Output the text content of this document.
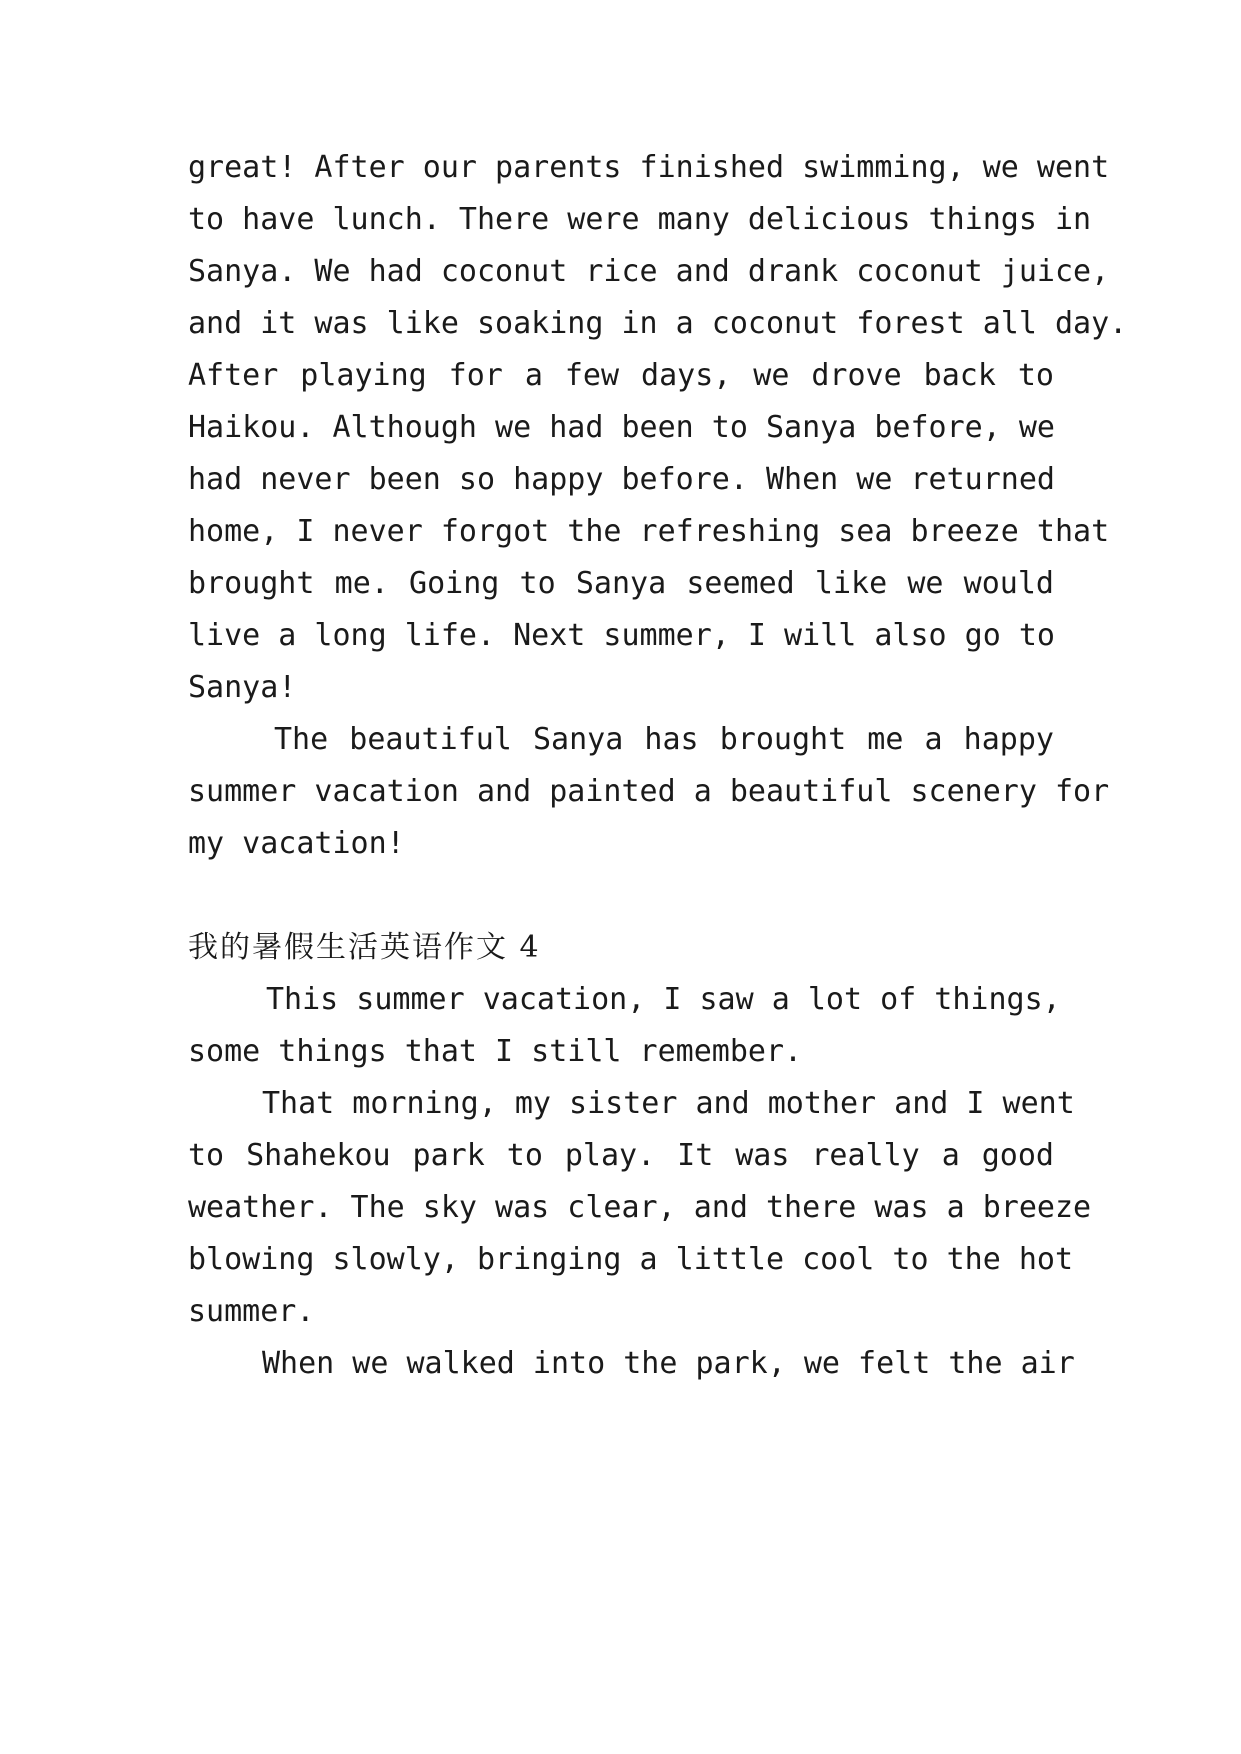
great! After our parents finished swimming, we went
to have lunch. There were many delicious things in
Sanya. We had coconut rice and drank coconut juice,
and it was like soaking in a coconut forest all day.
After playing for a few days, we drove back to
Haikou. Although we had been to Sanya before, we
had never been so happy before. When we returned
home, I never forgot the refreshing sea breeze that
brought me. Going to Sanya seemed like we would
live a long life. Next summer, I will also go to
Sanya!
The beautiful Sanya has brought me a happy
summer vacation and painted a beautiful scenery for
my vacation!
我的暑假生活英语作文 4
This summer vacation, I saw a lot of things,
some things that I still remember.
That morning, my sister and mother and I went
to Shahekou park to play. It was really a good
weather. The sky was clear, and there was a breeze
blowing slowly, bringing a little cool to the hot
summer.
When we walked into the park, we felt the air
